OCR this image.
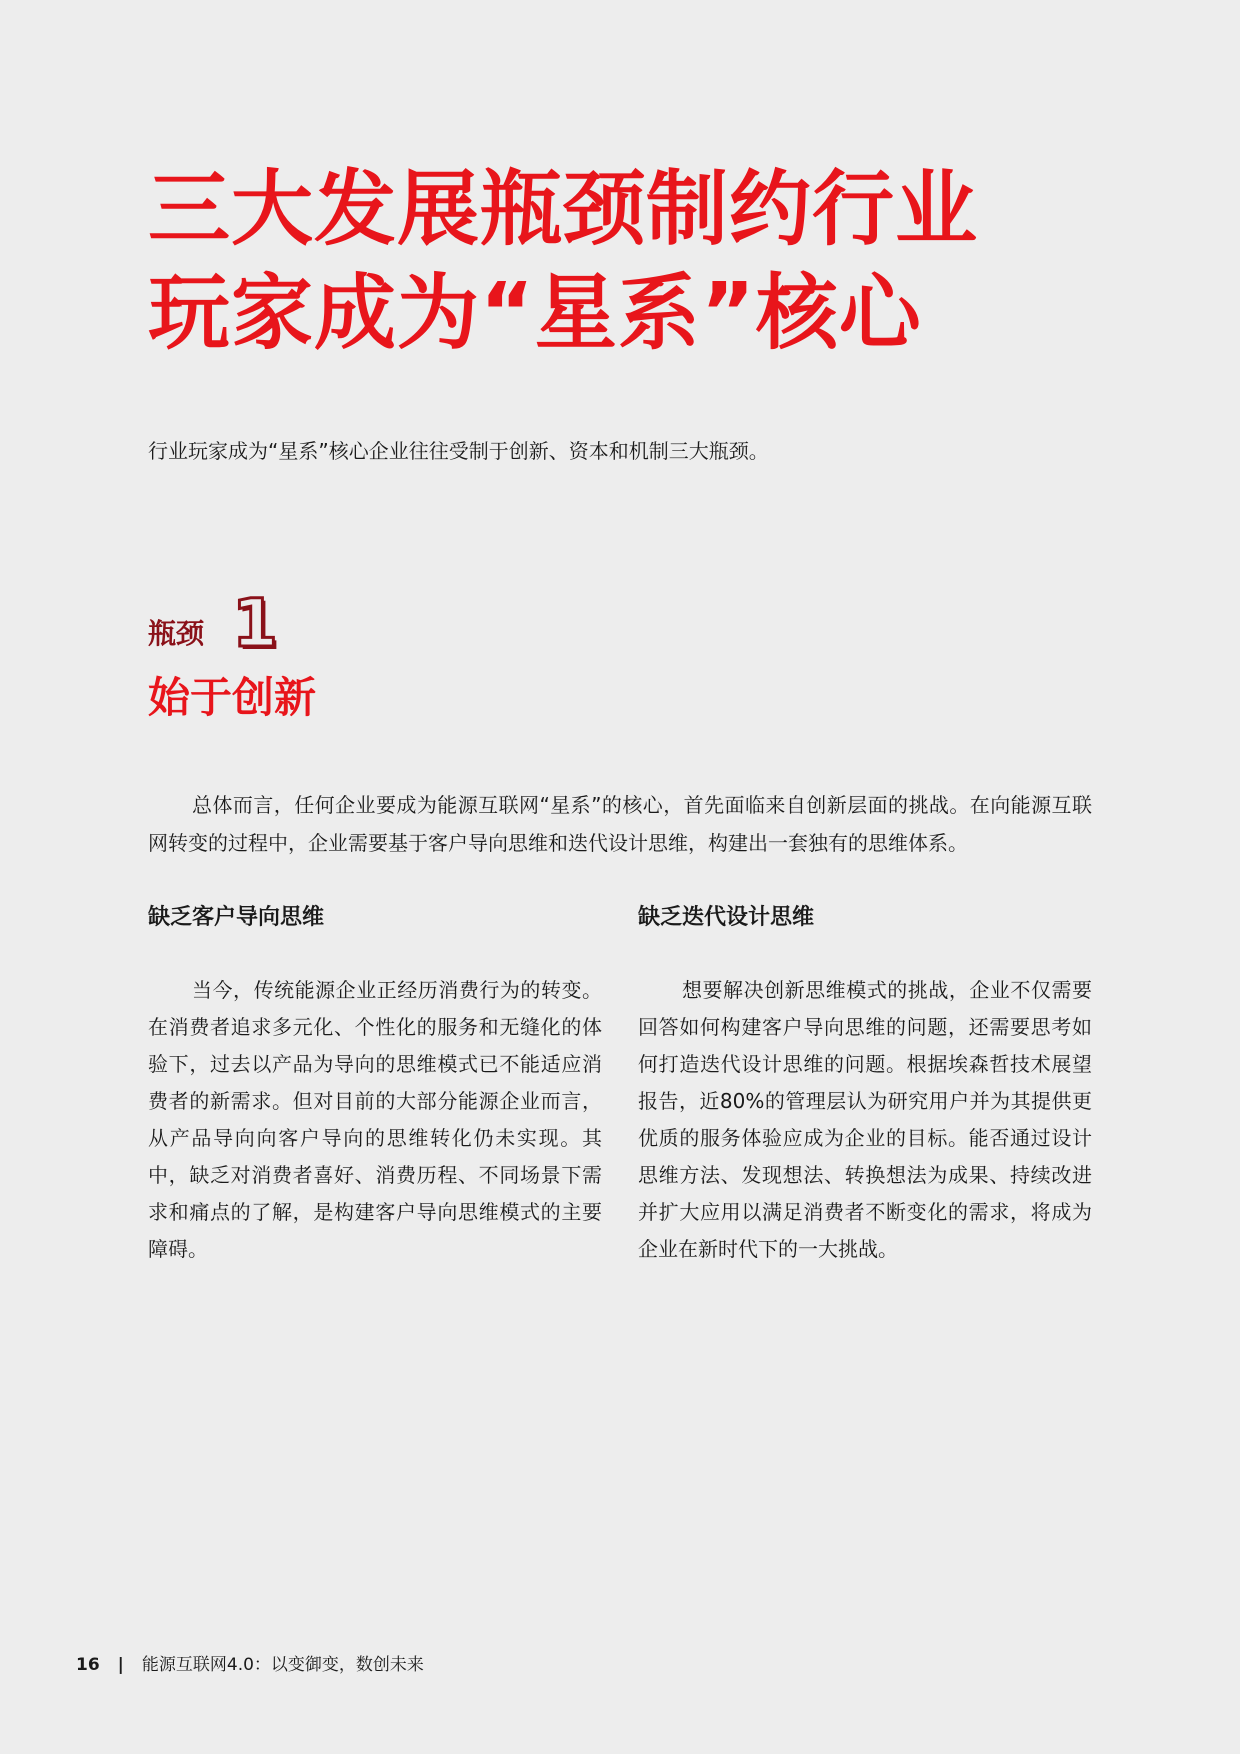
三大发展瓶颈制约行业
玩家成为“星系”核心
行业玩家成为“星系”核心企业往往受制于创新、资本和机制三大瓶颈。
瓶颈 1
始于创新

总体而言，任何企业要成为能源互联网“星系”的核心，首先面临来自创新层面的挑战。在向能源互联网转变的过程中，企业需要基于客户导向思维和迭代设计思维，构建出一套独有的思维体系。

缺乏客户导向思维

当今，传统能源企业正经历消费行为的转变。在消费者追求多元化、个性化的服务和无缝化的体验下，过去以产品为导向的思维模式已不能适应消费者的新需求。但对目前的大部分能源企业而言，从产品导向向客户导向的思维转化仍未实现。其中，缺乏对消费者喜好、消费历程、不同场景下需求和痛点的了解，是构建客户导向思维模式的主要障碍。

缺乏迭代设计思维

想要解决创新思维模式的挑战，企业不仅需要回答如何构建客户导向思维的问题，还需要思考如何打造迭代设计思维的问题。根据埃森哲技术展望报告，近80%的管理层认为研究用户并为其提供更优质的服务体验应成为企业的目标。能否通过设计思维方法、发现想法、转换想法为成果、持续改进并扩大应用以满足消费者不断变化的需求，将成为企业在新时代下的一大挑战。

16 | 能源互联网4.0：以变御变，数创未来
